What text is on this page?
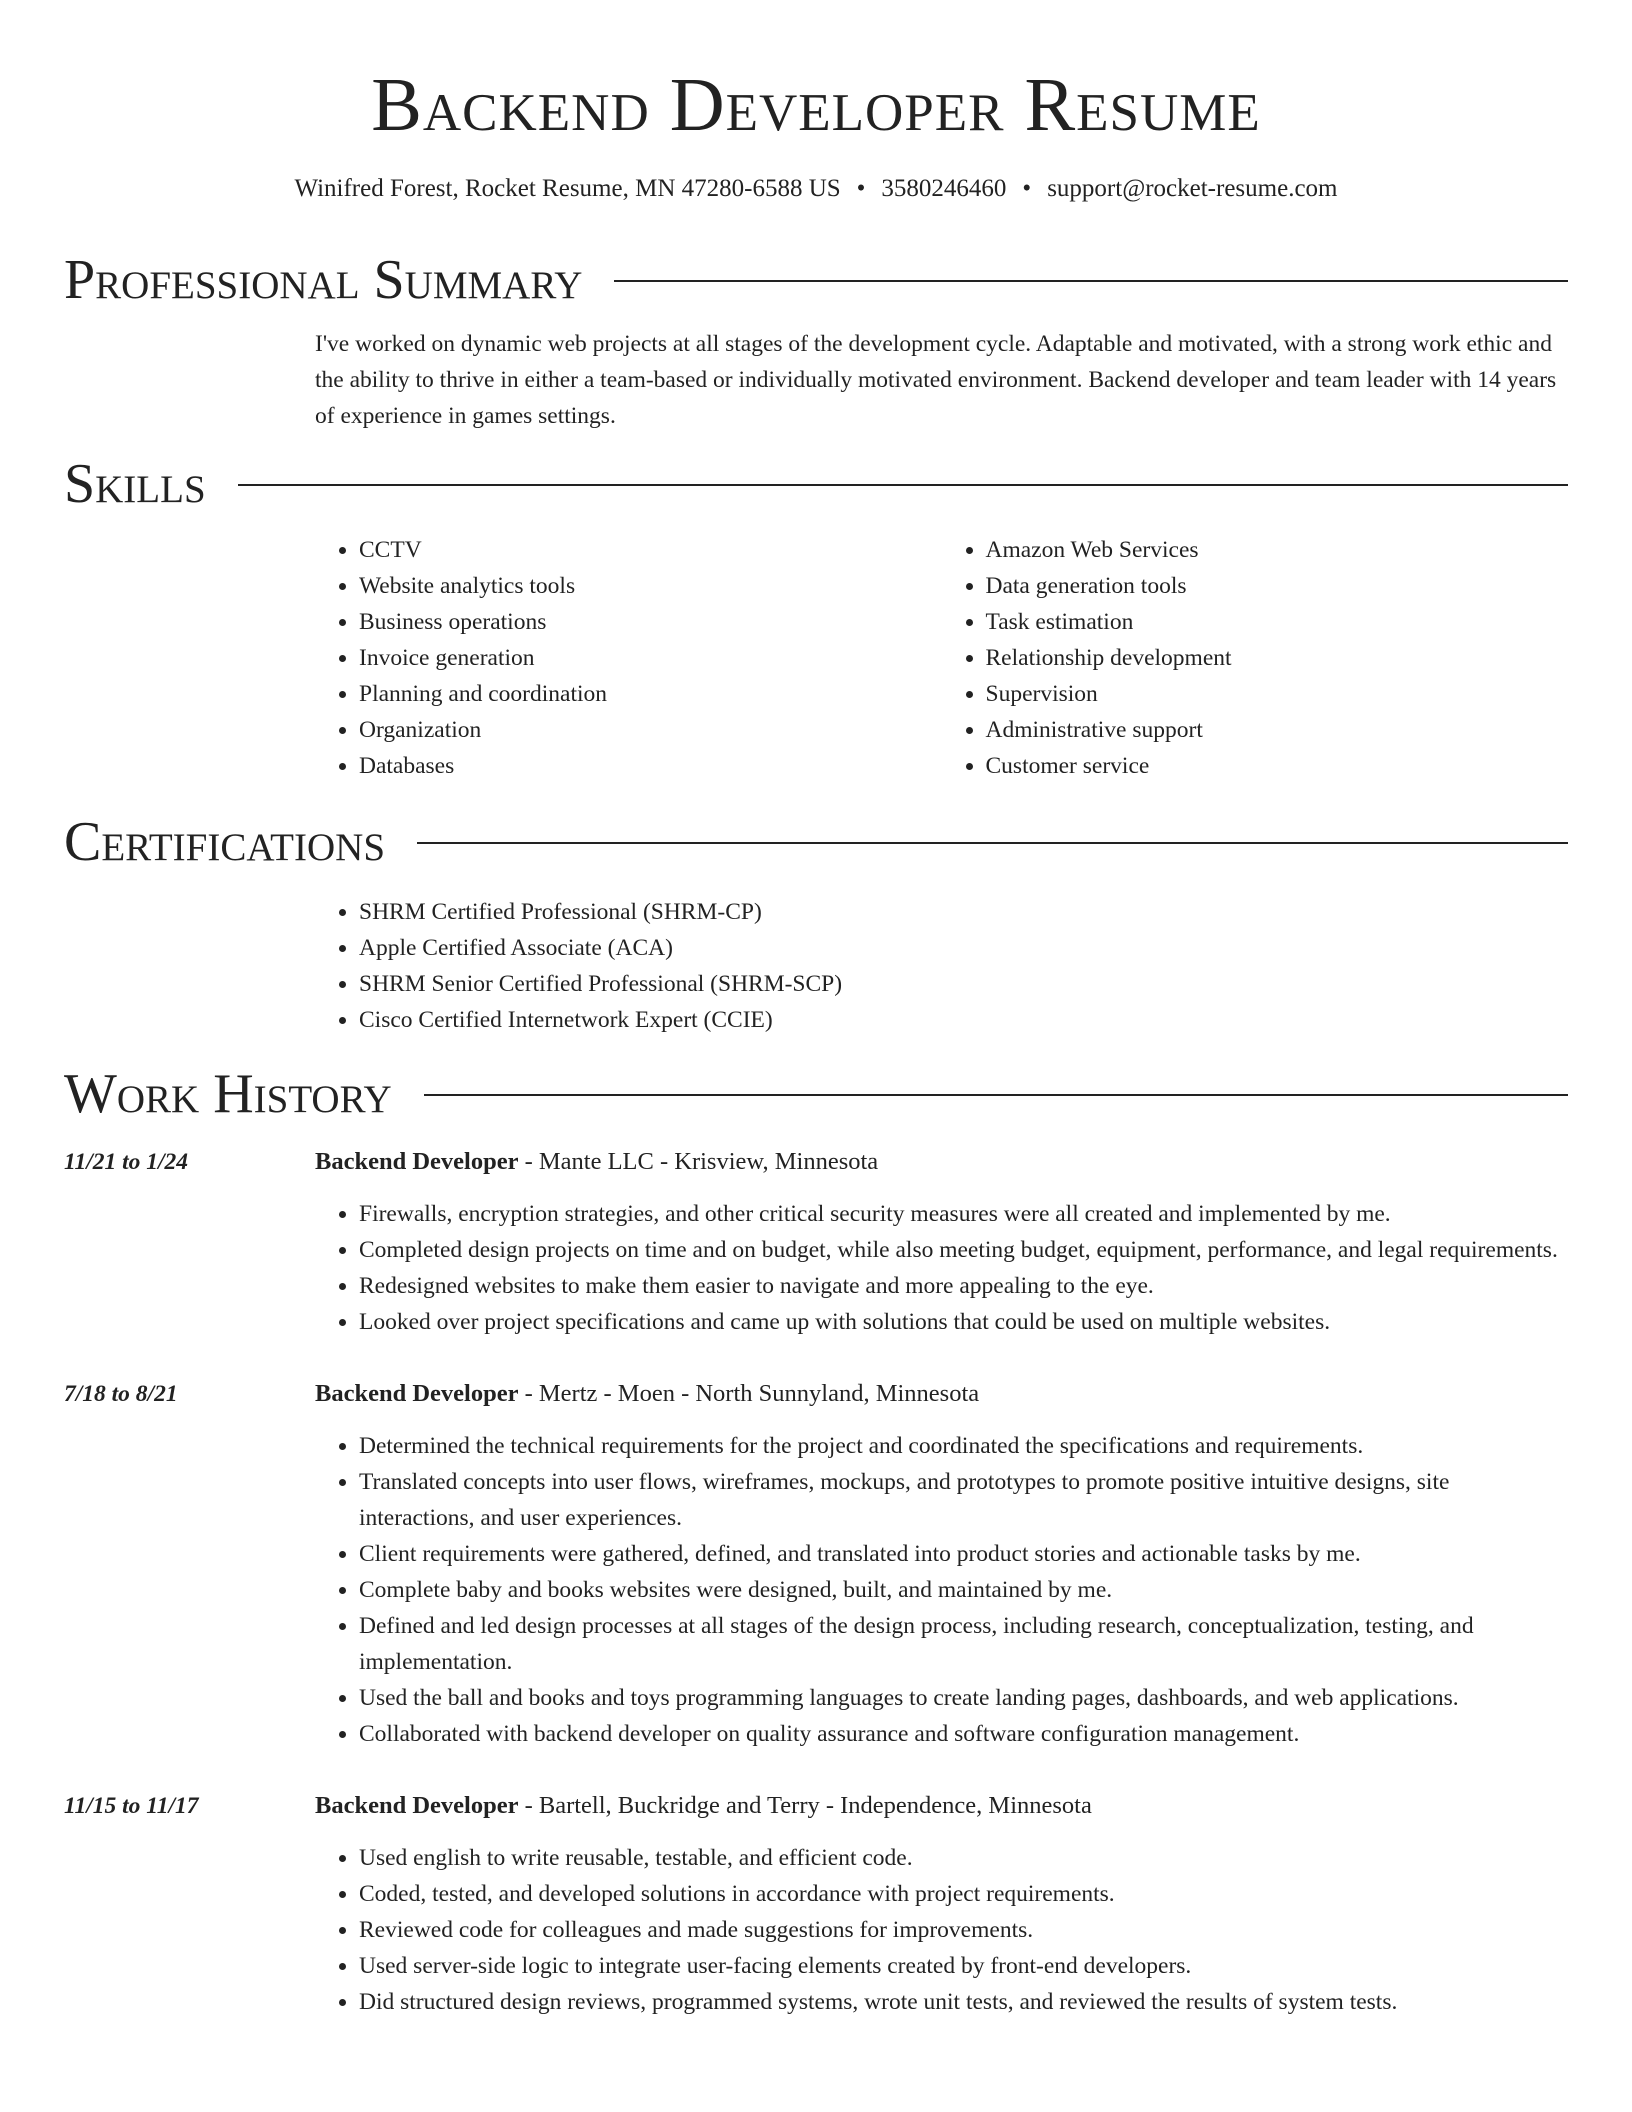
Backend Developer Resume
Winifred Forest, Rocket Resume, MN 47280-6588 US • 3580246460 • support@rocket-resume.com
Professional Summary

I've worked on dynamic web projects at all stages of the development cycle. Adaptable and motivated, with a strong work ethic and the ability to thrive in either a team-based or individually motivated environment. Backend developer and team leader with 14 years of experience in games settings.

Skills
• CCTV
• Website analytics tools
• Business operations
• Invoice generation
• Planning and coordination
• Organization
• Databases
• Amazon Web Services
• Data generation tools
• Task estimation
• Relationship development
• Supervision
• Administrative support
• Customer service
Certifications
• SHRM Certified Professional (SHRM-CP)
• Apple Certified Associate (ACA)
• SHRM Senior Certified Professional (SHRM-SCP)
• Cisco Certified Internetwork Expert (CCIE)
Work History
11/21 to 1/24	Backend Developer - Mante LLC - Krisview, Minnesota
• Firewalls, encryption strategies, and other critical security measures were all created and implemented by me.
• Completed design projects on time and on budget, while also meeting budget, equipment, performance, and legal requirements.
• Redesigned websites to make them easier to navigate and more appealing to the eye.
• Looked over project specifications and came up with solutions that could be used on multiple websites.
7/18 to 8/21	Backend Developer - Mertz - Moen - North Sunnyland, Minnesota
• Determined the technical requirements for the project and coordinated the specifications and requirements.
• Translated concepts into user flows, wireframes, mockups, and prototypes to promote positive intuitive designs, site interactions, and user experiences.
• Client requirements were gathered, defined, and translated into product stories and actionable tasks by me.
• Complete baby and books websites were designed, built, and maintained by me.
• Defined and led design processes at all stages of the design process, including research, conceptualization, testing, and implementation.
• Used the ball and books and toys programming languages to create landing pages, dashboards, and web applications.
• Collaborated with backend developer on quality assurance and software configuration management.
11/15 to 11/17	Backend Developer - Bartell, Buckridge and Terry - Independence, Minnesota
• Used english to write reusable, testable, and efficient code.
• Coded, tested, and developed solutions in accordance with project requirements.
• Reviewed code for colleagues and made suggestions for improvements.
• Used server-side logic to integrate user-facing elements created by front-end developers.
• Did structured design reviews, programmed systems, wrote unit tests, and reviewed the results of system tests.
